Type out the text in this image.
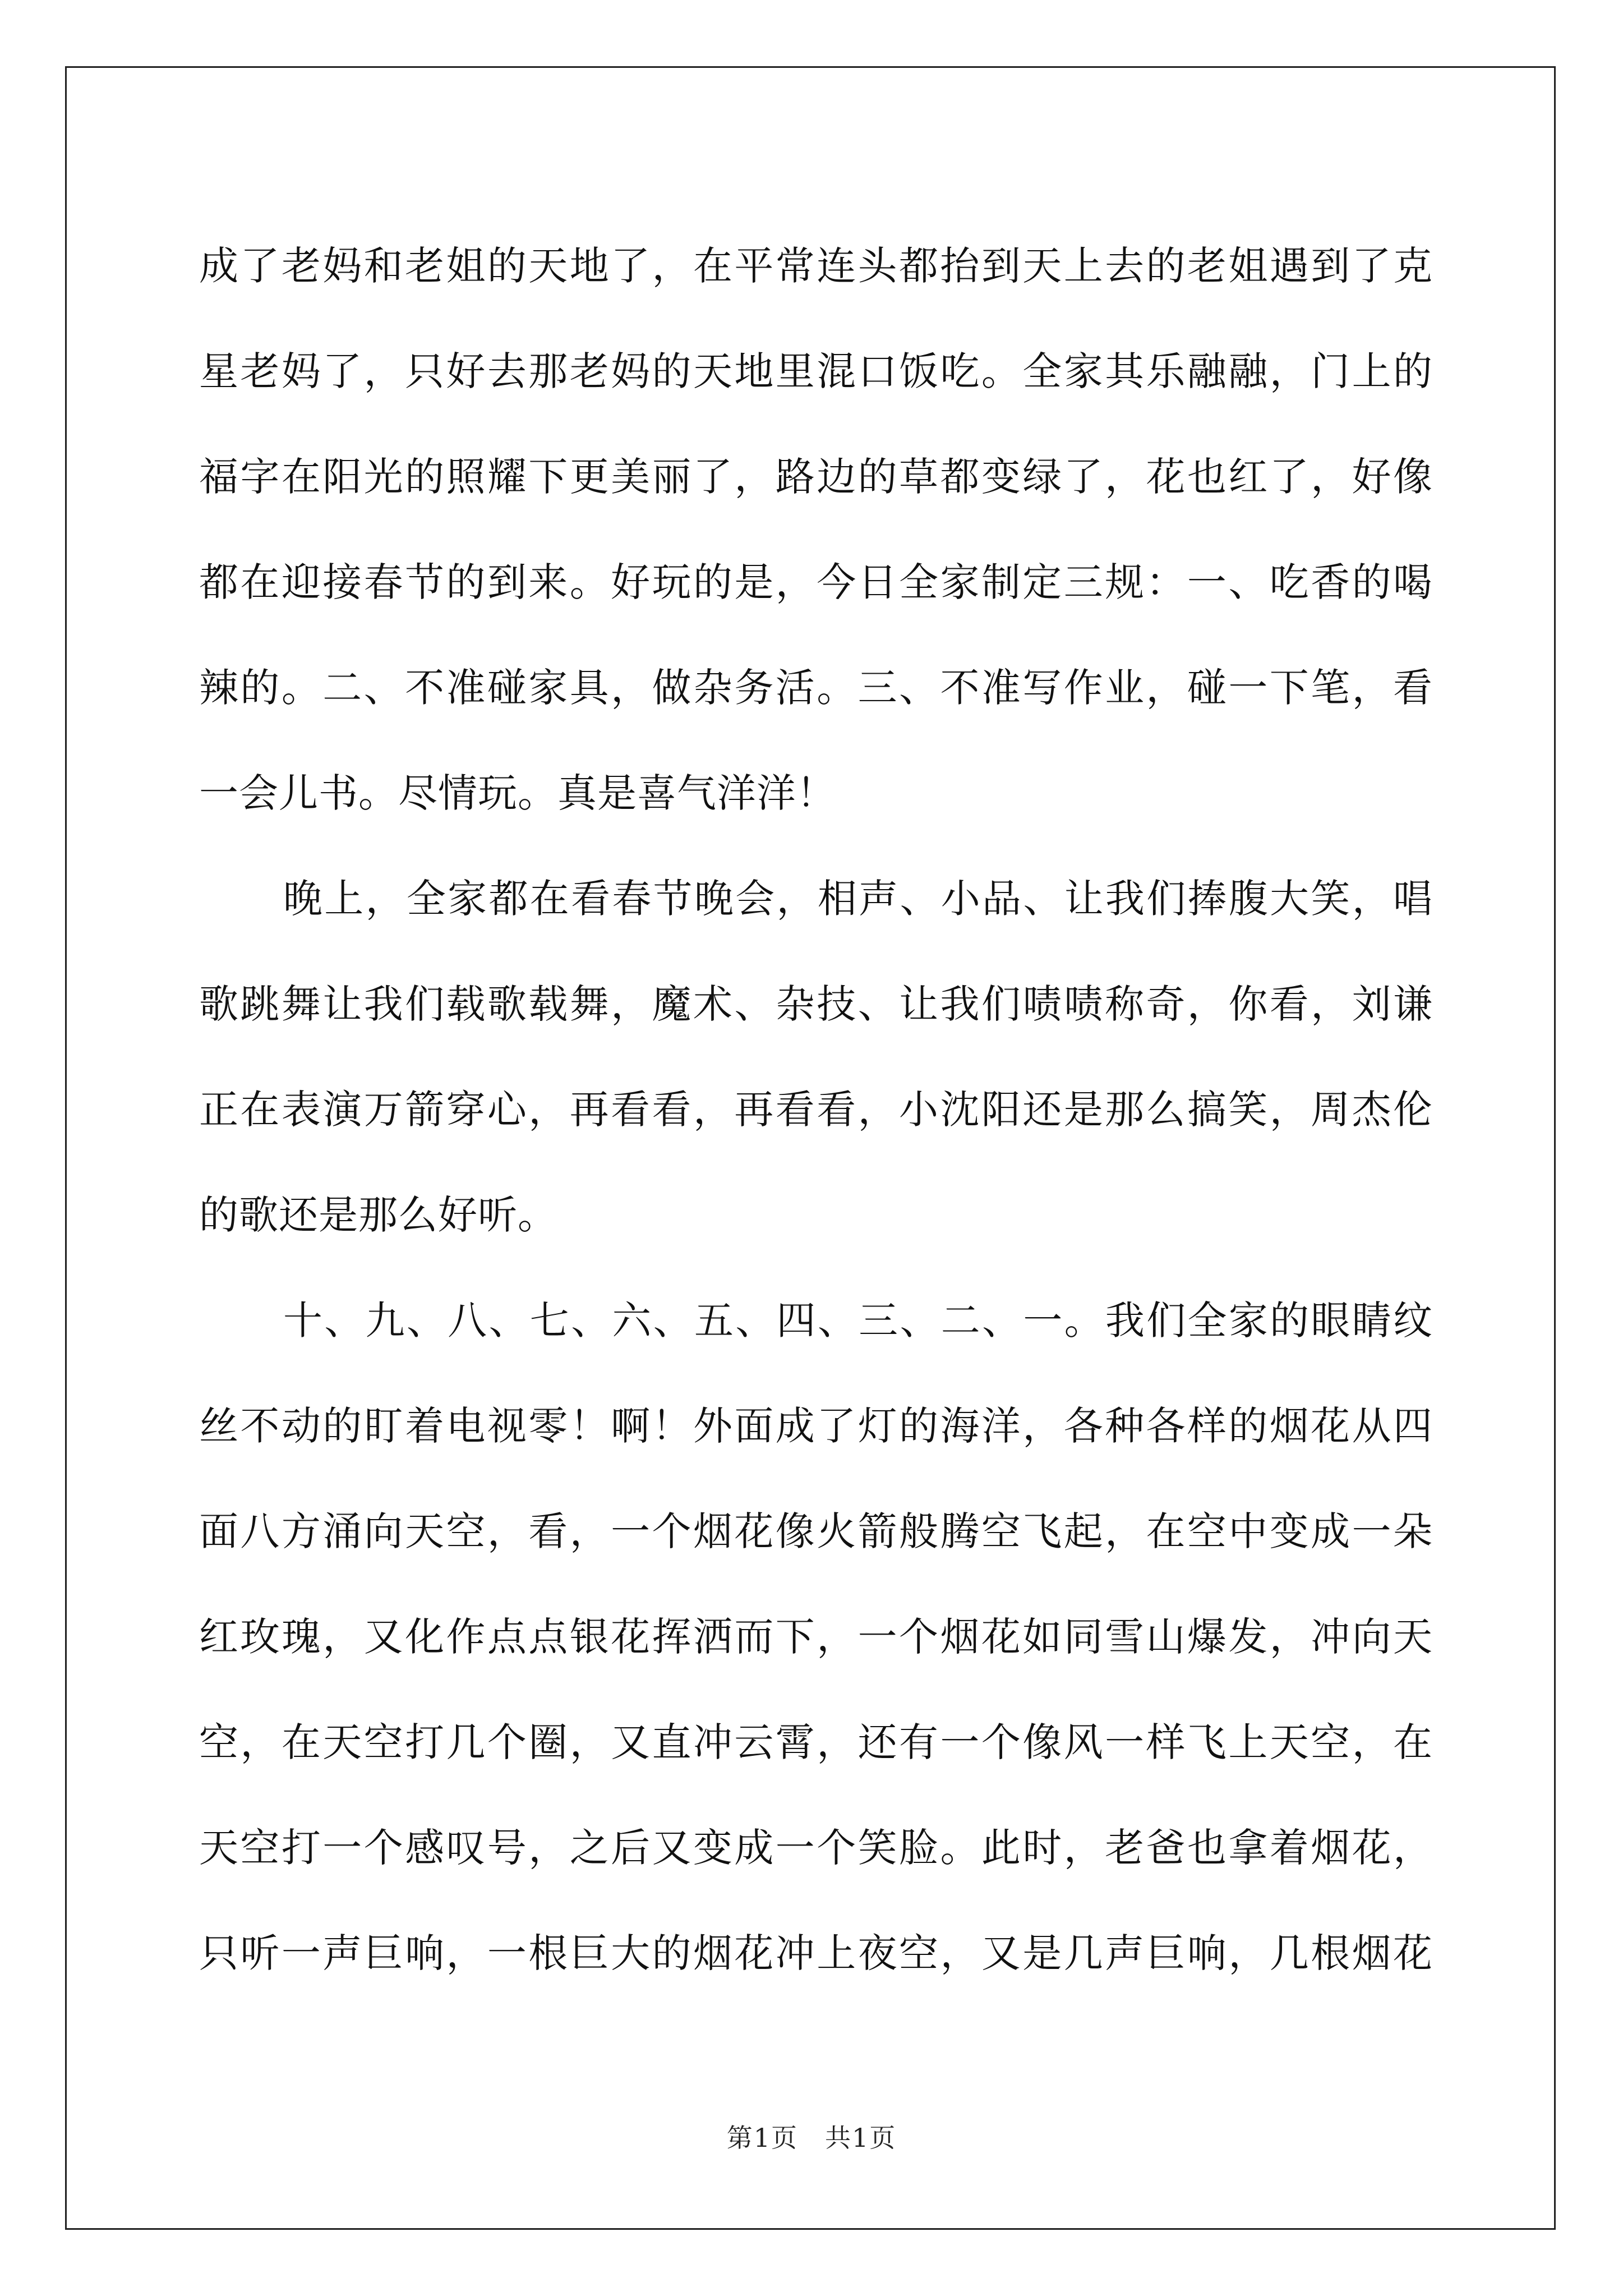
成了老妈和老姐的天地了，在平常连头都抬到天上去的老姐遇到了克
星老妈了，只好去那老妈的天地里混口饭吃。全家其乐融融，门上的
福字在阳光的照耀下更美丽了，路边的草都变绿了，花也红了，好像
都在迎接春节的到来。好玩的是，今日全家制定三规：一、吃香的喝
辣的。二、不准碰家具，做杂务活。三、不准写作业，碰一下笔，看
一会儿书。尽情玩。真是喜气洋洋！
晚上，全家都在看春节晚会，相声、小品、让我们捧腹大笑，唱
歌跳舞让我们载歌载舞，魔术、杂技、让我们啧啧称奇，你看，刘谦
正在表演万箭穿心，再看看，再看看，小沈阳还是那么搞笑，周杰伦
的歌还是那么好听。
十、九、八、七、六、五、四、三、二、一。我们全家的眼睛纹
丝不动的盯着电视零！啊！外面成了灯的海洋，各种各样的烟花从四
面八方涌向天空，看，一个烟花像火箭般腾空飞起，在空中变成一朵
红玫瑰，又化作点点银花挥洒而下，一个烟花如同雪山爆发，冲向天
空，在天空打几个圈，又直冲云霄，还有一个像风一样飞上天空，在
天空打一个感叹号，之后又变成一个笑脸。此时，老爸也拿着烟花，
只听一声巨响，一根巨大的烟花冲上夜空，又是几声巨响，几根烟花
第1页　共1页
